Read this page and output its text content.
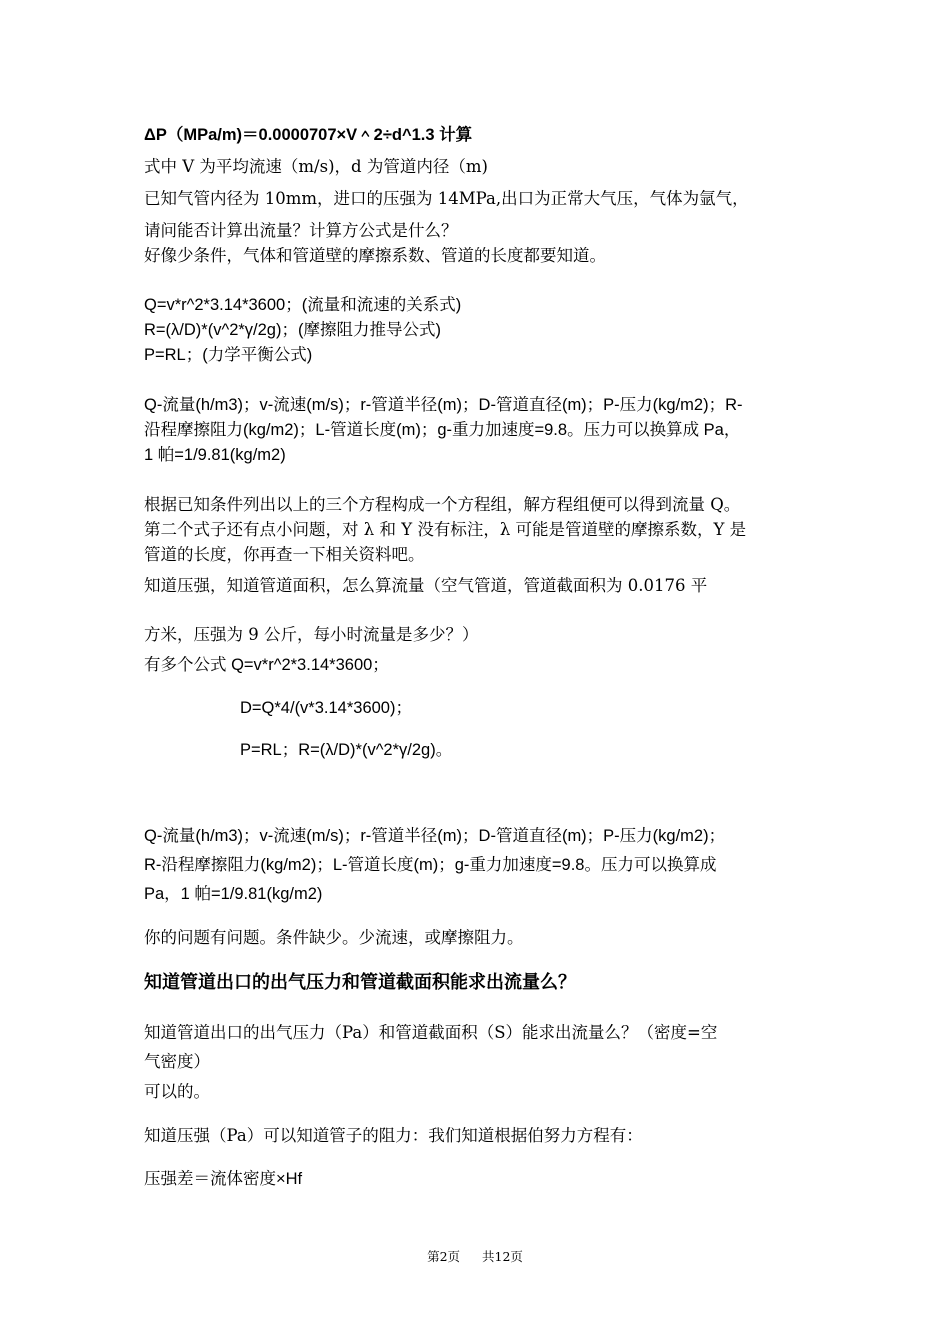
ΔP（MPa/m)＝0.0000707×V＾2÷d^1.3 计算
式中 V 为平均流速（m/s)，d 为管道内径（m)
已知气管内径为 10mm，进口的压强为 14MPa,出口为正常大气压，气体为氩气，
请问能否计算出流量？计算方公式是什么？
好像少条件，气体和管道壁的摩擦系数、管道的长度都要知道。
Q=v*r^2*3.14*3600；(流量和流速的关系式)
R=(λ/D)*(v^2*γ/2g)；(摩擦阻力推导公式)
P=RL；(力学平衡公式)
Q-流量(h/m3)；v-流速(m/s)；r-管道半径(m)；D-管道直径(m)；P-压力(kg/m2)；R-
沿程摩擦阻力(kg/m2)；L-管道长度(m)；g-重力加速度=9.8。压力可以换算成 Pa，
1 帕=1/9.81(kg/m2)
根据已知条件列出以上的三个方程构成一个方程组，解方程组便可以得到流量 Q。
第二个式子还有点小问题，对 λ 和 Y 没有标注，λ 可能是管道壁的摩擦系数，Y 是
管道的长度，你再查一下相关资料吧。
知道压强，知道管道面积，怎么算流量（空气管道，管道截面积为 0.0176 平
方米，压强为 9 公斤，每小时流量是多少？）
有多个公式 Q=v*r^2*3.14*3600；
D=Q*4/(v*3.14*3600)；
P=RL；R=(λ/D)*(v^2*γ/2g)。
Q-流量(h/m3)；v-流速(m/s)；r-管道半径(m)；D-管道直径(m)；P-压力(kg/m2)；
R-沿程摩擦阻力(kg/m2)；L-管道长度(m)；g-重力加速度=9.8。压力可以换算成
Pa，1 帕=1/9.81(kg/m2)
你的问题有问题。条件缺少。少流速，或摩擦阻力。
知道管道出口的出气压力和管道截面积能求出流量么？
知道管道出口的出气压力（Pa）和管道截面积（S）能求出流量么？（密度=空
气密度）
可以的。
知道压强（Pa）可以知道管子的阻力：我们知道根据伯努力方程有：
压强差＝流体密度×Hf
第2页 共12页
